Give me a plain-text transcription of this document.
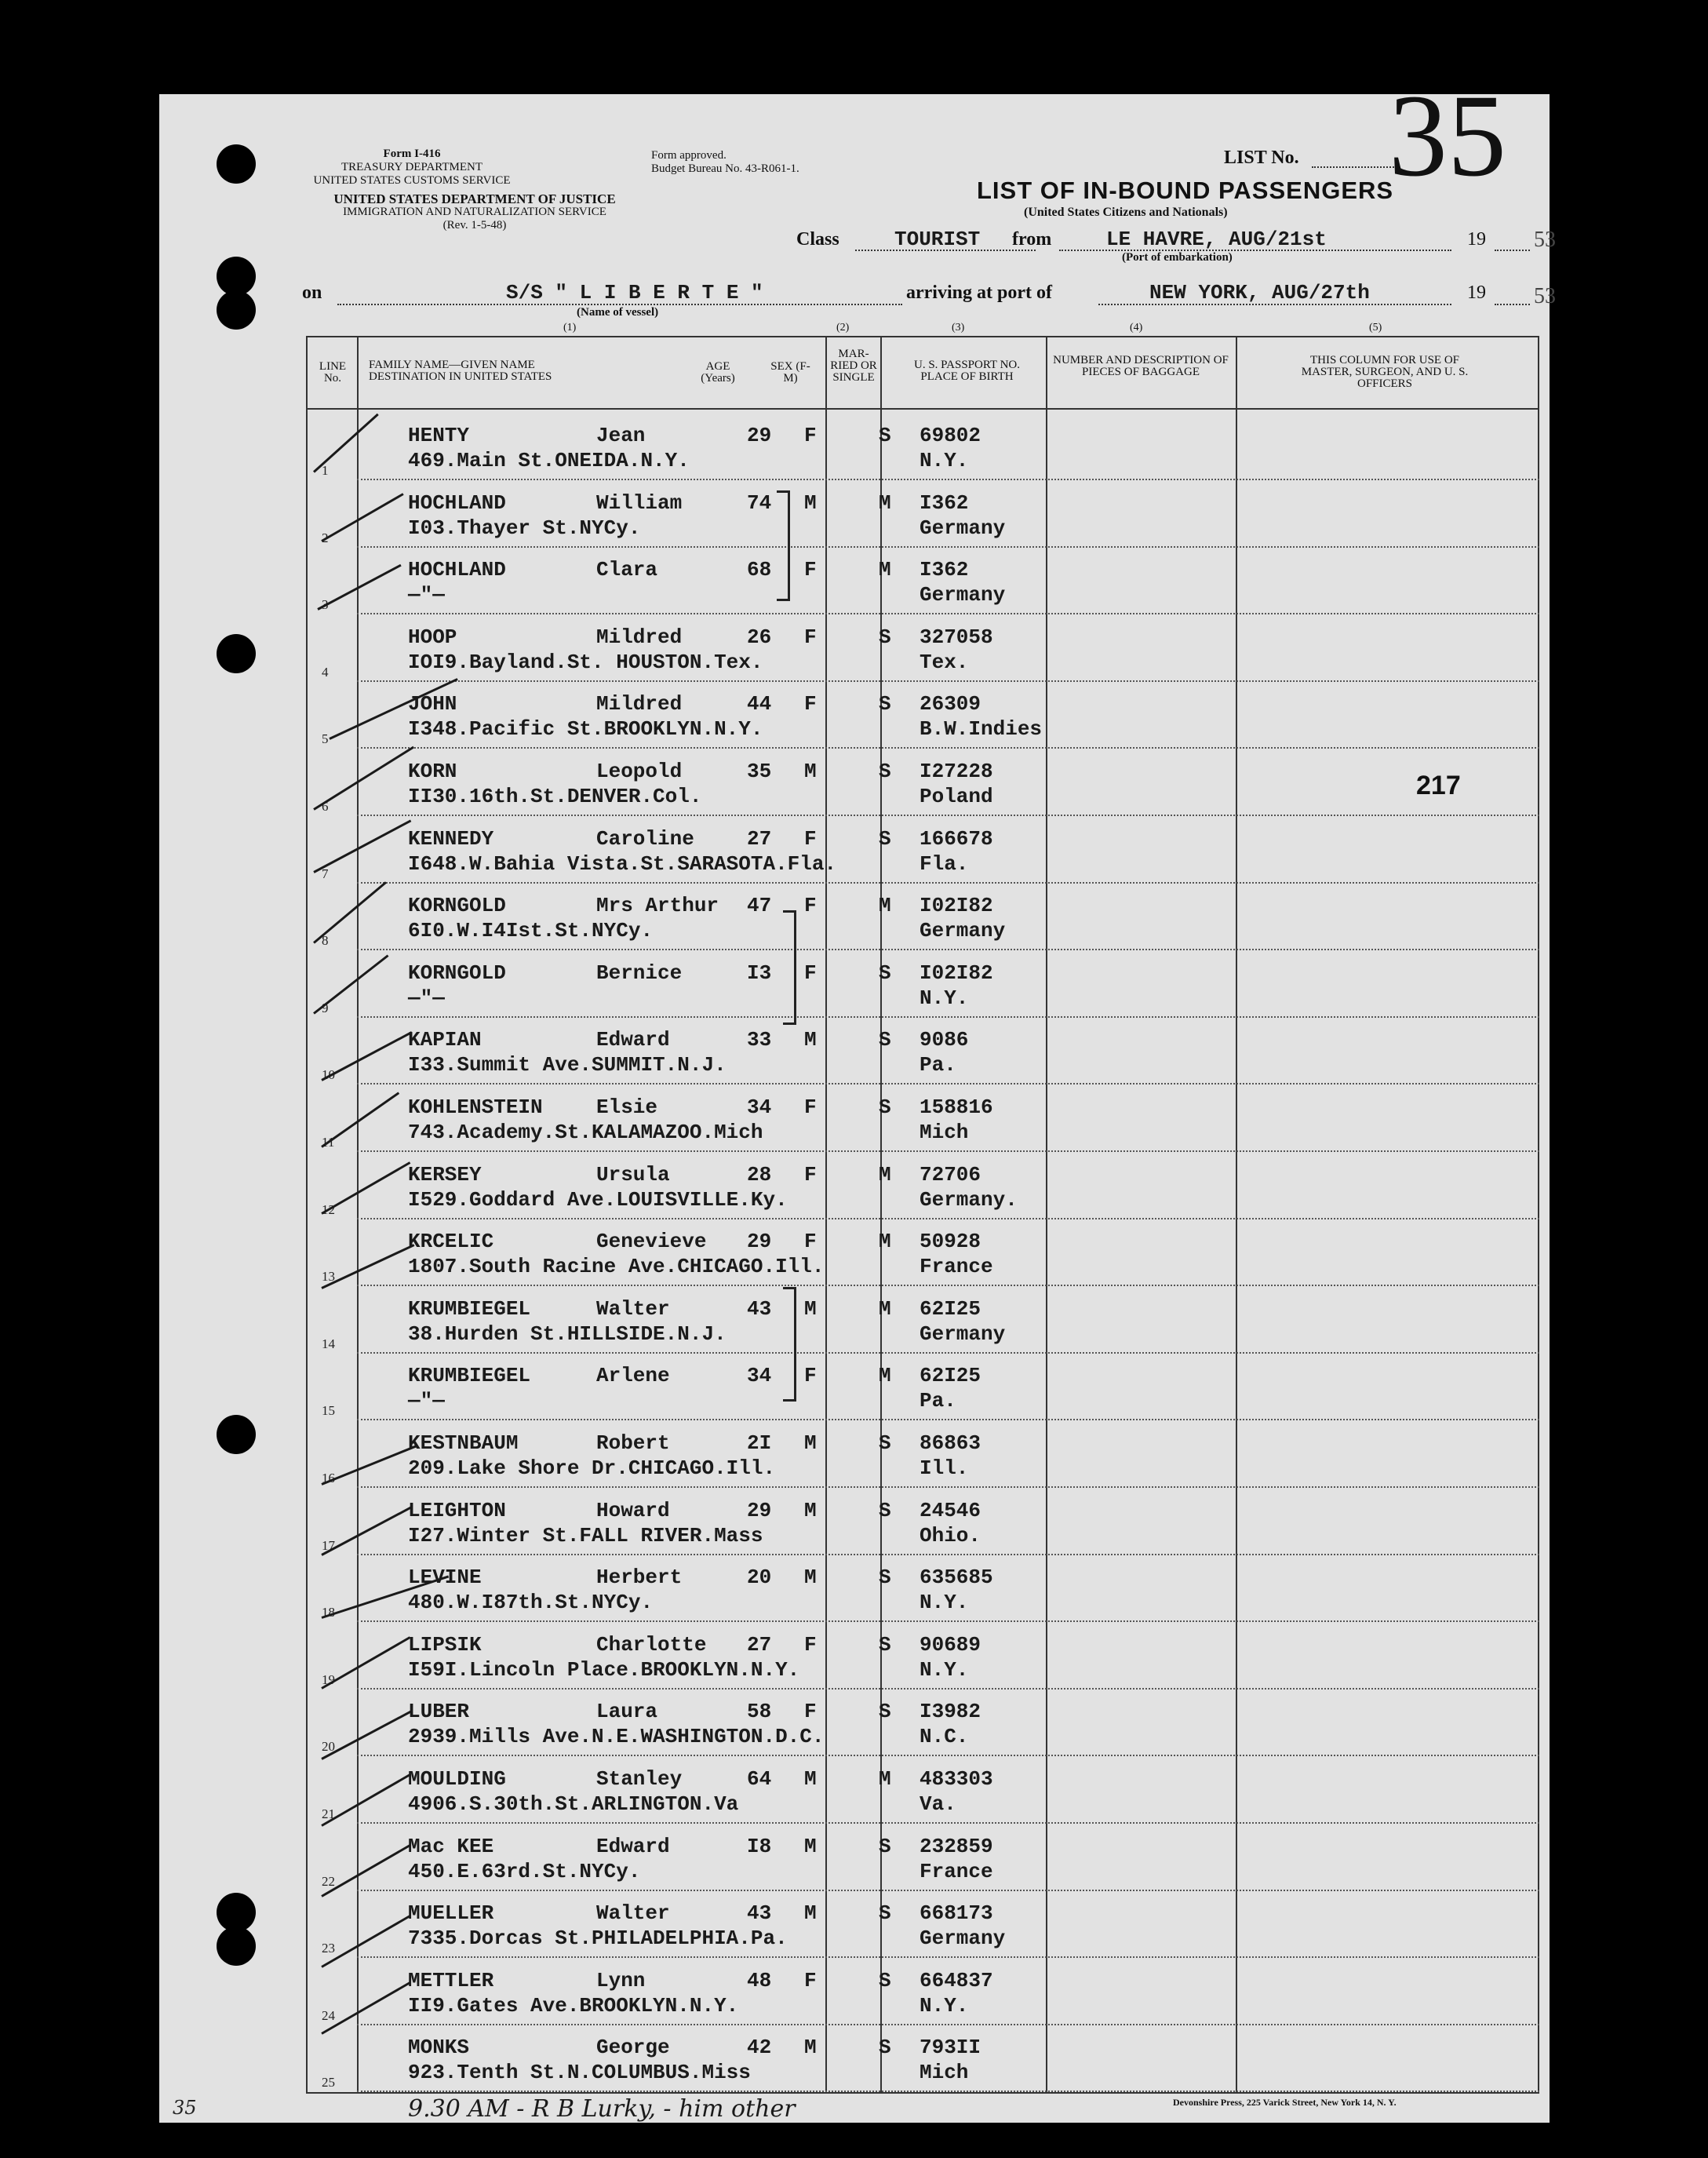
Form I-416
TREASURY DEPARTMENT
UNITED STATES CUSTOMS SERVICE
Form approved.
Budget Bureau No. 43-R061-1.
UNITED STATES DEPARTMENT OF JUSTICE
IMMIGRATION AND NATURALIZATION SERVICE
(Rev. 1-5-48)
LIST No. 35
LIST OF IN-BOUND PASSENGERS
(United States Citizens and Nationals)
Class	TOURIST from	LE HAVRE, AUG/21st
(Port of embarkation)
19 53
on	S/S " L I B E R T E "
(Name of vessel)
arriving at port of	NEW YORK, AUG/27th	19 53
(1)	(2)	(3)	(4)	(5)
LINE No.
FAMILY NAME—GIVEN NAME
DESTINATION IN UNITED STATES
AGE (Years)
SEX (F-M)
MAR-RIED OR SINGLE
U. S. PASSPORT NO.
PLACE OF BIRTH
NUMBER AND DESCRIPTION OF PIECES OF BAGGAGE
THIS COLUMN FOR USE OF MASTER, SURGEON, AND U. S. OFFICERS
1
HENTY	Jean	29 F	S 69802
469.Main St.ONEIDA.N.Y.	N.Y.
2
HOCHLAND	William	74 M	M I362
I03.Thayer St.NYCy.	Germany
3
HOCHLAND	Clara	68 F	M I362
—"—	Germany
4
HOOP	Mildred	26 F	S 327058
IOI9.Bayland.St. HOUSTON.Tex.	Tex.
5
JOHN	Mildred	44 F	S 26309
I348.Pacific St.BROOKLYN.N.Y.	B.W.Indies
6
KORN	Leopold	35 M	S I27228
II30.16th.St.DENVER.Col.	Poland
7
KENNEDY	Caroline	27 F	S 166678
I648.W.Bahia Vista.St.SARASOTA.Fla.	Fla.
8
KORNGOLD	Mrs Arthur 47 F	M I02I82
6I0.W.I4Ist.St.NYCy.	Germany
9
KORNGOLD	Bernice	I3 F	S I02I82
—"—	N.Y.
10
KAPIAN	Edward	33 M	S 9086
I33.Summit Ave.SUMMIT.N.J.	Pa.
11
KOHLENSTEIN	Elsie	34 F	S 158816
743.Academy.St.KALAMAZOO.Mich	Mich
12
KERSEY	Ursula	28 F	M 72706
I529.Goddard Ave.LOUISVILLE.Ky.	Germany.
13
KRCELIC	Genevieve 29 F	M 50928
1807.South Racine Ave.CHICAGO.Ill.	France
14
KRUMBIEGEL	Walter	43 M	M 62I25
38.Hurden St.HILLSIDE.N.J.	Germany
15
KRUMBIEGEL	Arlene	34 F	M 62I25
—"—	Pa.
16
KESTNBAUM	Robert	2I M	S 86863
209.Lake Shore Dr.CHICAGO.Ill.	Ill.
17
LEIGHTON	Howard	29 M	S 24546
I27.Winter St.FALL RIVER.Mass	Ohio.
18
LEVINE	Herbert	20 M	S 635685
480.W.I87th.St.NYCy.	N.Y.
19
LIPSIK	Charlotte 27 F	S 90689
I59I.Lincoln Place.BROOKLYN.N.Y.	N.Y.
20
LUBER	Laura	58 F	S I3982
2939.Mills Ave.N.E.WASHINGTON.D.C.	N.C.
21
MOULDING	Stanley	64 M	M 483303
4906.S.30th.St.ARLINGTON.Va	Va.
22
Mac KEE	Edward	I8 M	S 232859
450.E.63rd.St.NYCy.	France
23
MUELLER	Walter	43 M	S 668173
7335.Dorcas St.PHILADELPHIA.Pa.	Germany
24
METTLER	Lynn	48 F	S 664837
II9.Gates Ave.BROOKLYN.N.Y.	N.Y.
25
MONKS	George	42 M	S 793II
923.Tenth St.N.COLUMBUS.Miss	Mich
217
9.30 AM - R B Lurky, - him other
35	Devonshire Press, 225 Varick Street, New York 14, N. Y.
